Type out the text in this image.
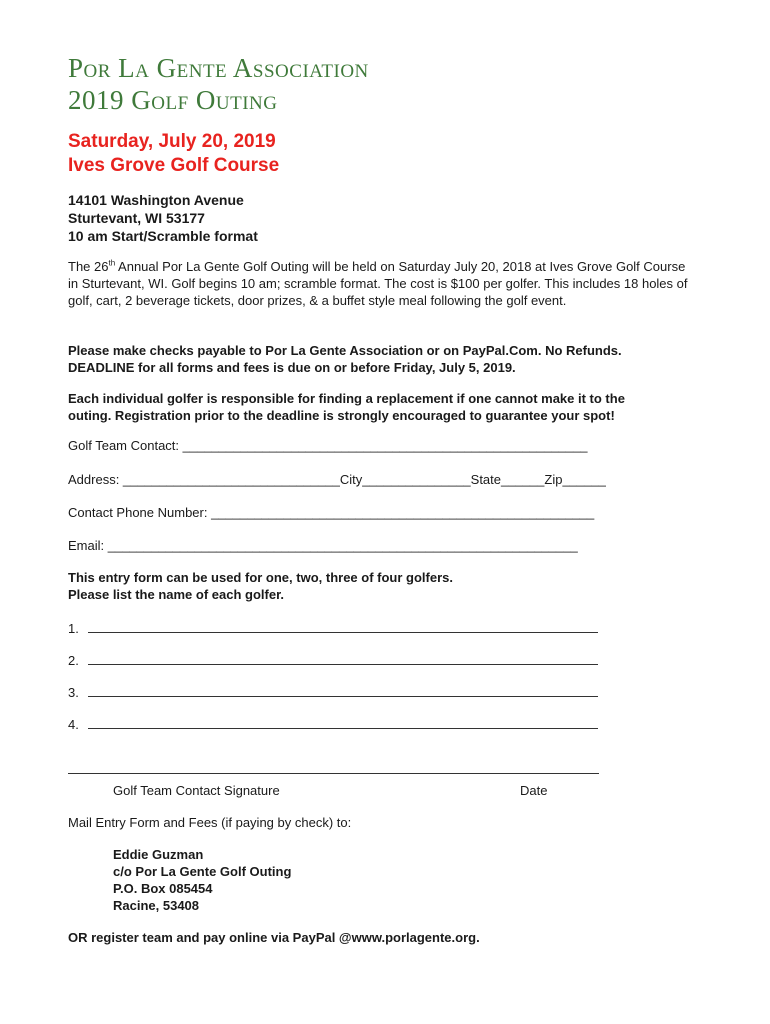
Por La Gente Association
2019 Golf Outing
Saturday, July 20, 2019
Ives Grove Golf Course
14101 Washington Avenue
Sturtevant, WI 53177
10 am Start/Scramble format
The 26th Annual Por La Gente Golf Outing will be held on Saturday July 20, 2018 at Ives Grove Golf Course in Sturtevant, WI. Golf begins 10 am; scramble format. The cost is $100 per golfer. This includes 18 holes of golf, cart, 2 beverage tickets, door prizes, & a buffet style meal following the golf event.
Please make checks payable to Por La Gente Association or on PayPal.Com. No Refunds.
DEADLINE for all forms and fees is due on or before Friday, July 5, 2019.
Each individual golfer is responsible for finding a replacement if one cannot make it to the
outing. Registration prior to the deadline is strongly encouraged to guarantee your spot!
Golf Team Contact: ________________________________________________________
Address: ______________________________City_______________State______Zip______
Contact Phone Number: _____________________________________________________
Email: _________________________________________________________________
This entry form can be used for one, two, three of four golfers.
Please list the name of each golfer.
1.
2.
3.
4.
Golf Team Contact Signature	Date
Mail Entry Form and Fees (if paying by check) to:
Eddie Guzman
c/o Por La Gente Golf Outing
P.O. Box 085454
Racine, 53408
OR register team and pay online via PayPal @www.porlagente.org.
